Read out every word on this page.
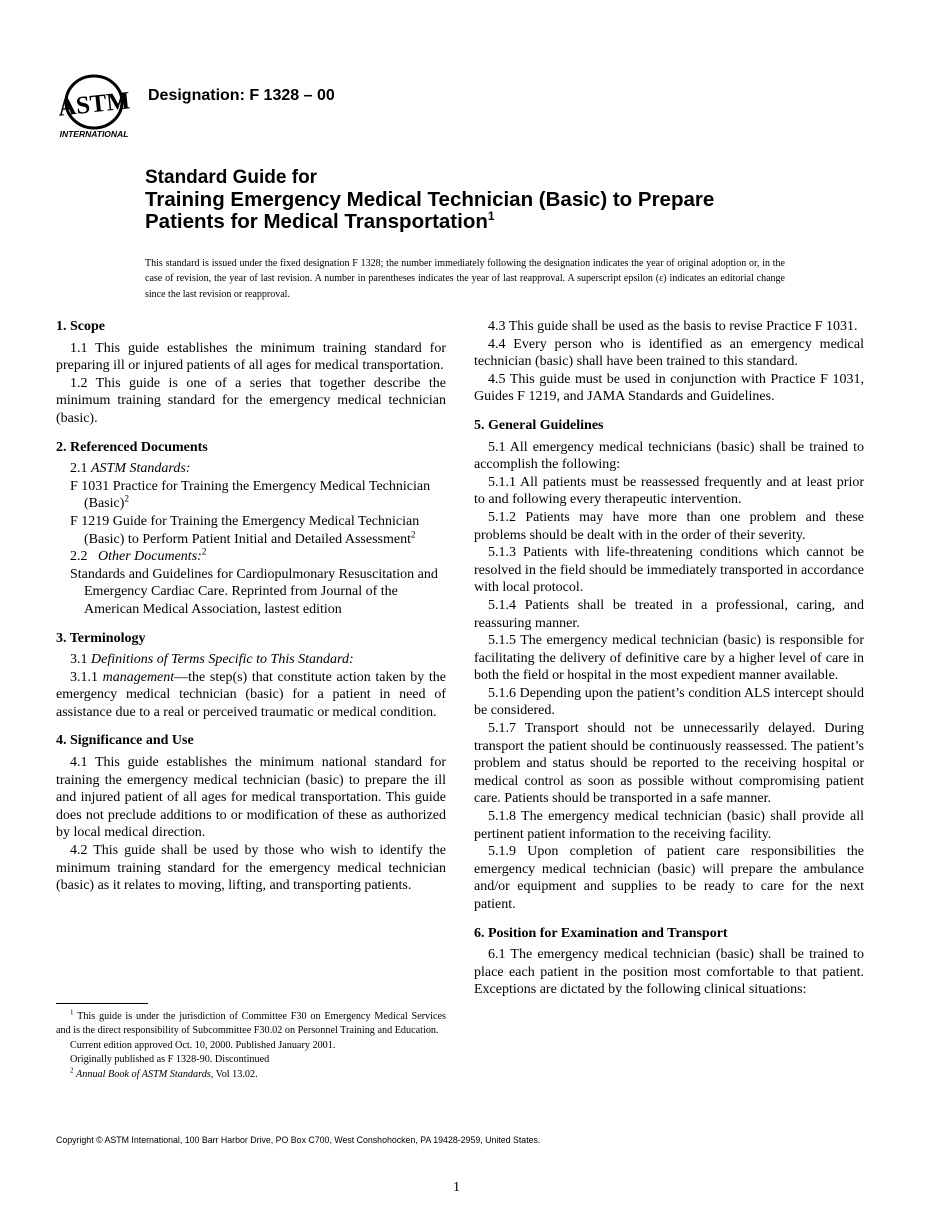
ASTM
INTERNATIONAL
Designation: F 1328 – 00
Standard Guide for
Training Emergency Medical Technician (Basic) to Prepare
Patients for Medical Transportation$^1$
This standard is issued under the fixed designation F 1328; the number immediately following the designation indicates the year of original adoption or, in the case of revision, the year of last revision. A number in parentheses indicates the year of last reapproval. A superscript epsilon (ε) indicates an editorial change since the last revision or reapproval.
1. Scope

1.1 This guide establishes the minimum training standard for preparing ill or injured patients of all ages for medical transportation.

1.2 This guide is one of a series that together describe the minimum training standard for the emergency medical technician (basic).

2. Referenced Documents

2.1 ASTM Standards:

F 1031 Practice for Training the Emergency Medical Technician (Basic)$^2$

F 1219 Guide for Training the Emergency Medical Technician (Basic) to Perform Patient Initial and Detailed Assessment$^2$

2.2 Other Documents:$^2$

Standards and Guidelines for Cardiopulmonary Resuscitation and Emergency Cardiac Care. Reprinted from Journal of the American Medical Association, lastest edition

3. Terminology

3.1 Definitions of Terms Specific to This Standard:

3.1.1 management—the step(s) that constitute action taken by the emergency medical technician (basic) for a patient in need of assistance due to a real or perceived traumatic or medical condition.

4. Significance and Use

4.1 This guide establishes the minimum national standard for training the emergency medical technician (basic) to prepare the ill and injured patient of all ages for medical transportation. This guide does not preclude additions to or modification of these as authorized by local medical direction.

4.2 This guide shall be used by those who wish to identify the minimum training standard for the emergency medical technician (basic) as it relates to moving, lifting, and transporting patients.

4.3 This guide shall be used as the basis to revise Practice F 1031.

4.4 Every person who is identified as an emergency medical technician (basic) shall have been trained to this standard.

4.5 This guide must be used in conjunction with Practice F 1031, Guides F 1219, and JAMA Standards and Guidelines.

5. General Guidelines

5.1 All emergency medical technicians (basic) shall be trained to accomplish the following:

5.1.1 All patients must be reassessed frequently and at least prior to and following every therapeutic intervention.

5.1.2 Patients may have more than one problem and these problems should be dealt with in the order of their severity.

5.1.3 Patients with life-threatening conditions which cannot be resolved in the field should be immediately transported in accordance with local protocol.

5.1.4 Patients shall be treated in a professional, caring, and reassuring manner.

5.1.5 The emergency medical technician (basic) is responsible for facilitating the delivery of definitive care by a higher level of care in both the field or hospital in the most expedient manner available.

5.1.6 Depending upon the patient’s condition ALS intercept should be considered.

5.1.7 Transport should not be unnecessarily delayed. During transport the patient should be continuously reassessed. The patient’s problem and status should be reported to the receiving hospital or medical control as soon as possible without compromising patient care. Patients should be transported in a safe manner.

5.1.8 The emergency medical technician (basic) shall provide all pertinent patient information to the receiving facility.

5.1.9 Upon completion of patient care responsibilities the emergency medical technician (basic) will prepare the ambulance and/or equipment and supplies to be ready to care for the next patient.

6. Position for Examination and Transport

6.1 The emergency medical technician (basic) shall be trained to place each patient in the position most comfortable to that patient. Exceptions are dictated by the following clinical situations:

$^1$ This guide is under the jurisdiction of Committee F30 on Emergency Medical Services and is the direct responsibility of Subcommittee F30.02 on Personnel Training and Education.

Current edition approved Oct. 10, 2000. Published January 2001.

Originally published as F 1328-90. Discontinued

$^2$ Annual Book of ASTM Standards, Vol 13.02.

Copyright © ASTM International, 100 Barr Harbor Drive, PO Box C700, West Conshohocken, PA 19428-2959, United States.
1
